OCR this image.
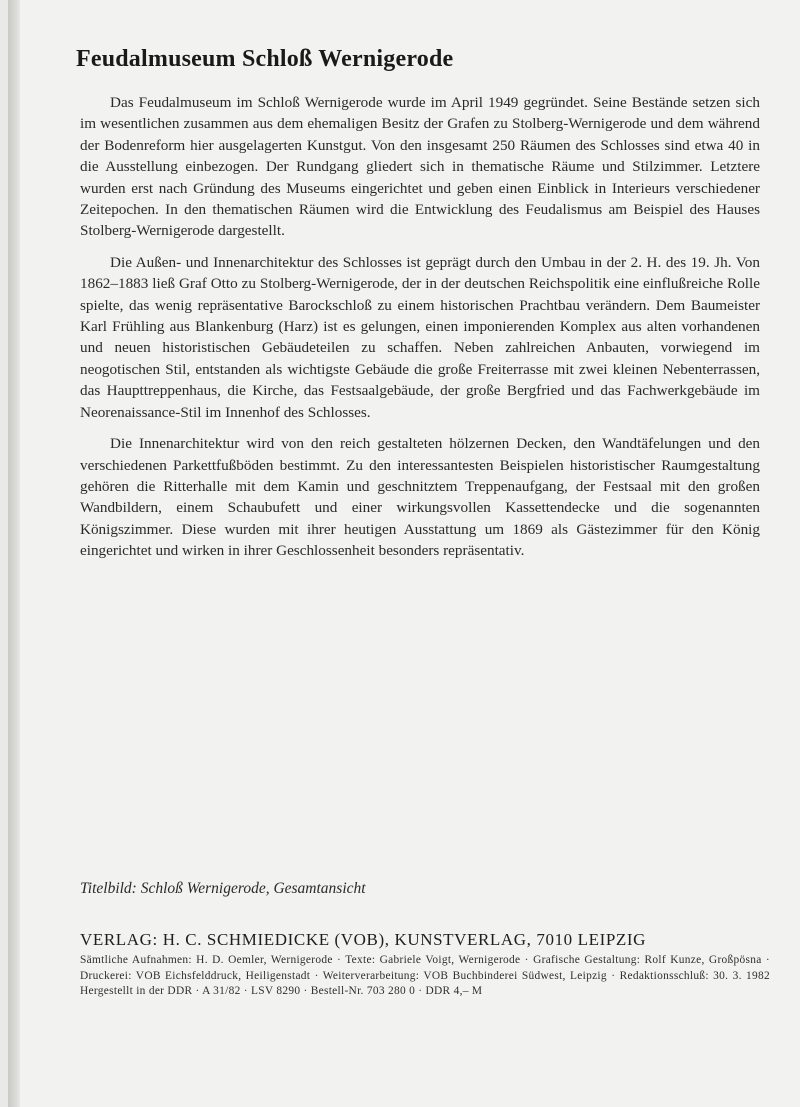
Feudalmuseum Schloß Wernigerode

Das Feudalmuseum im Schloß Wernigerode wurde im April 1949 gegründet. Seine Bestände setzen sich im wesentlichen zusammen aus dem ehemaligen Besitz der Grafen zu Stolberg-Wernigerode und dem während der Bodenreform hier ausgelagerten Kunstgut. Von den insgesamt 250 Räumen des Schlosses sind etwa 40 in die Ausstellung einbezogen. Der Rundgang gliedert sich in thematische Räume und Stilzimmer. Letztere wurden erst nach Gründung des Museums eingerichtet und geben einen Einblick in Interieurs verschiedener Zeitepochen. In den thematischen Räumen wird die Entwicklung des Feudalismus am Beispiel des Hauses Stolberg-Wernigerode dargestellt.

Die Außen- und Innenarchitektur des Schlosses ist geprägt durch den Umbau in der 2. H. des 19. Jh. Von 1862–1883 ließ Graf Otto zu Stolberg-Wernigerode, der in der deutschen Reichspolitik eine einflußreiche Rolle spielte, das wenig repräsentative Barockschloß zu einem historischen Prachtbau verändern. Dem Baumeister Karl Frühling aus Blankenburg (Harz) ist es gelungen, einen imponierenden Komplex aus alten vorhandenen und neuen historistischen Gebäudeteilen zu schaffen. Neben zahlreichen Anbauten, vorwiegend im neogotischen Stil, entstanden als wichtigste Gebäude die große Freiterrasse mit zwei kleinen Nebenterrassen, das Haupttreppenhaus, die Kirche, das Festsaalgebäude, der große Bergfried und das Fachwerkgebäude im Neorenaissance-Stil im Innenhof des Schlosses.

Die Innenarchitektur wird von den reich gestalteten hölzernen Decken, den Wandtäfelungen und den verschiedenen Parkettfußböden bestimmt. Zu den interessantesten Beispielen historistischer Raumgestaltung gehören die Ritterhalle mit dem Kamin und geschnitztem Treppenaufgang, der Festsaal mit den großen Wandbildern, einem Schaubufett und einer wirkungsvollen Kassettendecke und die sogenannten Königszimmer. Diese wurden mit ihrer heutigen Ausstattung um 1869 als Gästezimmer für den König eingerichtet und wirken in ihrer Geschlossenheit besonders repräsentativ.

Titelbild: Schloß Wernigerode, Gesamtansicht

VERLAG: H. C. SCHMIEDICKE (VOB), KUNSTVERLAG, 7010 LEIPZIG

Sämtliche Aufnahmen: H. D. Oemler, Wernigerode · Texte: Gabriele Voigt, Wernigerode · Grafische Gestaltung: Rolf Kunze, Großpösna · Druckerei: VOB Eichsfelddruck, Heiligenstadt · Weiterverarbeitung: VOB Buchbinderei Südwest, Leipzig · Redaktionsschluß: 30. 3. 1982 Hergestellt in der DDR · A 31/82 · LSV 8290 · Bestell-Nr. 703 280 0 · DDR 4,– M
